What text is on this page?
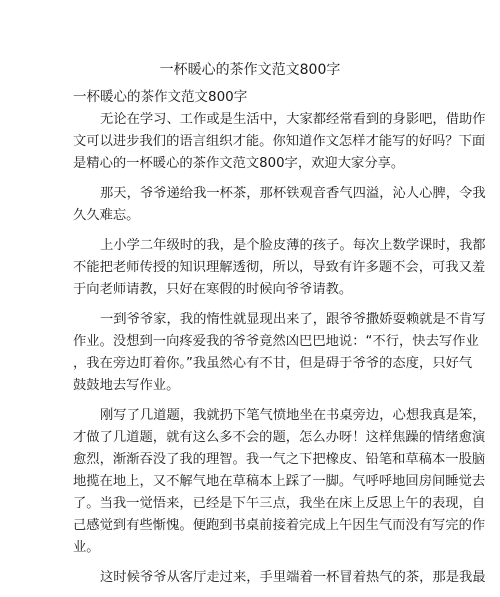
一杯暖心的茶作文范文800字
一杯暖心的茶作文范文800字

无论在学习、工作或是生活中，大家都经常看到的身影吧，借助作
文可以进步我们的语言组织才能。你知道作文怎样才能写的好吗？下面
是精心的一杯暖心的茶作文范文800字，欢迎大家分享。

那天，爷爷递给我一杯茶，那杯铁观音香气四溢，沁人心脾，令我
久久难忘。

上小学二年级时的我，是个脸皮薄的孩子。每次上数学课时，我都
不能把老师传授的知识理解透彻，所以，导致有许多题不会，可我又羞
于向老师请教，只好在寒假的时候向爷爷请教。

一到爷爷家，我的惰性就显现出来了，跟爷爷撒娇耍赖就是不肯写
作业。没想到一向疼爱我的爷爷竟然凶巴巴地说：“不行，快去写作业
，我在旁边盯着你。”我虽然心有不甘，但是碍于爷爷的态度，只好气
鼓鼓地去写作业。

刚写了几道题，我就扔下笔气愤地坐在书桌旁边，心想我真是笨，
才做了几道题，就有这么多不会的题，怎么办呀！这样焦躁的情绪愈演
愈烈，渐渐吞没了我的理智。我一气之下把橡皮、铅笔和草稿本一股脑
地揽在地上，又不解气地在草稿本上踩了一脚。气呼呼地回房间睡觉去
了。当我一觉悟来，已经是下午三点，我坐在床上反思上午的表现，自
己感觉到有些惭愧。便跑到书桌前接着完成上午因生气而没有写完的作
业。

这时候爷爷从客厅走过来，手里端着一杯冒着热气的茶，那是我最
